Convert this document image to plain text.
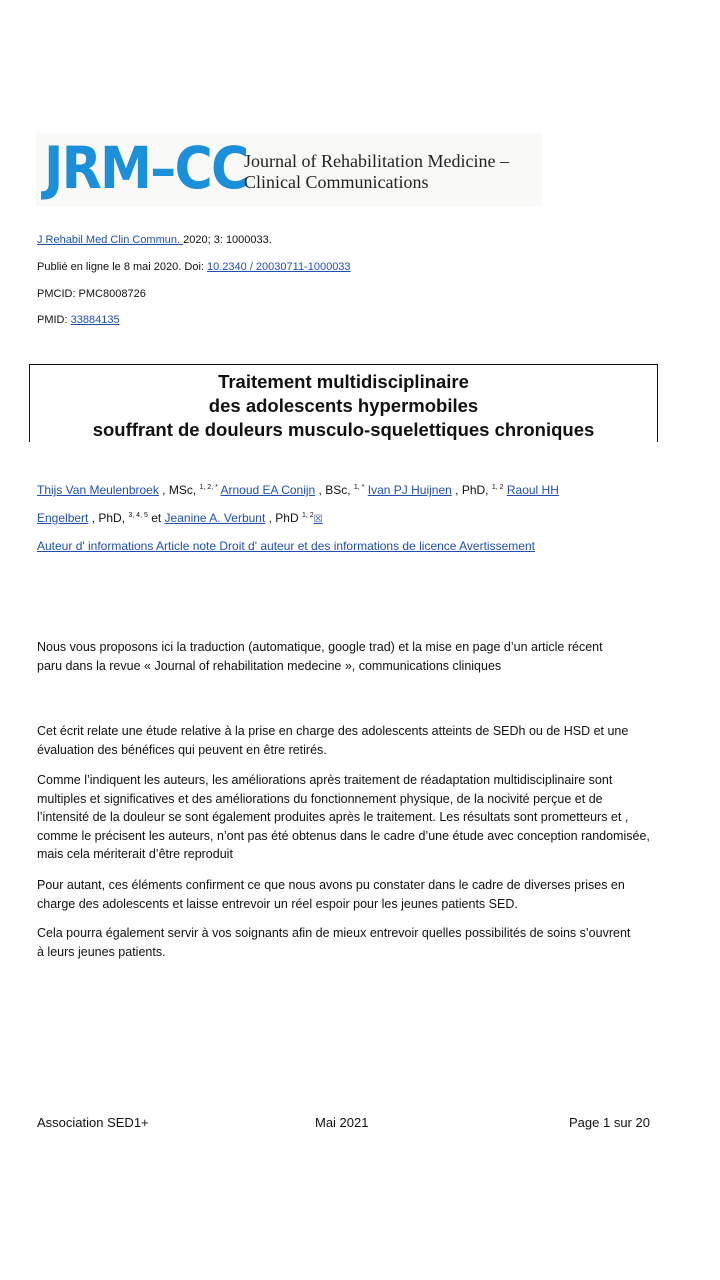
JRM–CC
Journal of Rehabilitation Medicine –
Clinical Communications
J Rehabil Med Clin Commun. 2020; 3: 1000033.
Publié en ligne le 8 mai 2020. Doi: 10.2340 / 20030711-1000033
PMCID: PMC8008726
PMID: 33884135
Traitement multidisciplinaire
des adolescents hypermobiles
souffrant de douleurs musculo-squelettiques chroniques
Thijs Van Meulenbroek , MSc, $^{1, 2, *}$ Arnoud EA Conijn , BSc, $^{1, *}$ Ivan PJ Huijnen , PhD, $^{1, 2}$ Raoul HH
Engelbert , PhD, $^{3, 4, 5}$ et Jeanine A. Verbunt , PhD $^{1, 2}$☒
Auteur d' informations Article note Droit d' auteur et des informations de licence Avertissement
Nous vous proposons ici la traduction (automatique, google trad) et la mise en page d’un article récent paru dans la revue « Journal of rehabilitation medecine », communications cliniques
Cet écrit relate une étude relative à la prise en charge des adolescents atteints de SEDh ou de HSD et une évaluation des bénéfices qui peuvent en être retirés.
Comme l’indiquent les auteurs, les améliorations après traitement de réadaptation multidisciplinaire sont multiples et significatives et des améliorations du fonctionnement physique, de la nocivité perçue et de l’intensité de la douleur se sont également produites après le traitement. Les résultats sont prometteurs et , comme le précisent les auteurs, n’ont pas été obtenus dans le cadre d’une étude avec conception randomisée, mais cela mériterait d’être reproduit
Pour autant, ces éléments confirment ce que nous avons pu constater dans le cadre de diverses prises en charge des adolescents et laisse entrevoir un réel espoir pour les jeunes patients SED.
Cela pourra également servir à vos soignants afin de mieux entrevoir quelles possibilités de soins s’ouvrent à leurs jeunes patients.
Association SED1+	Mai 2021	Page 1 sur 20
